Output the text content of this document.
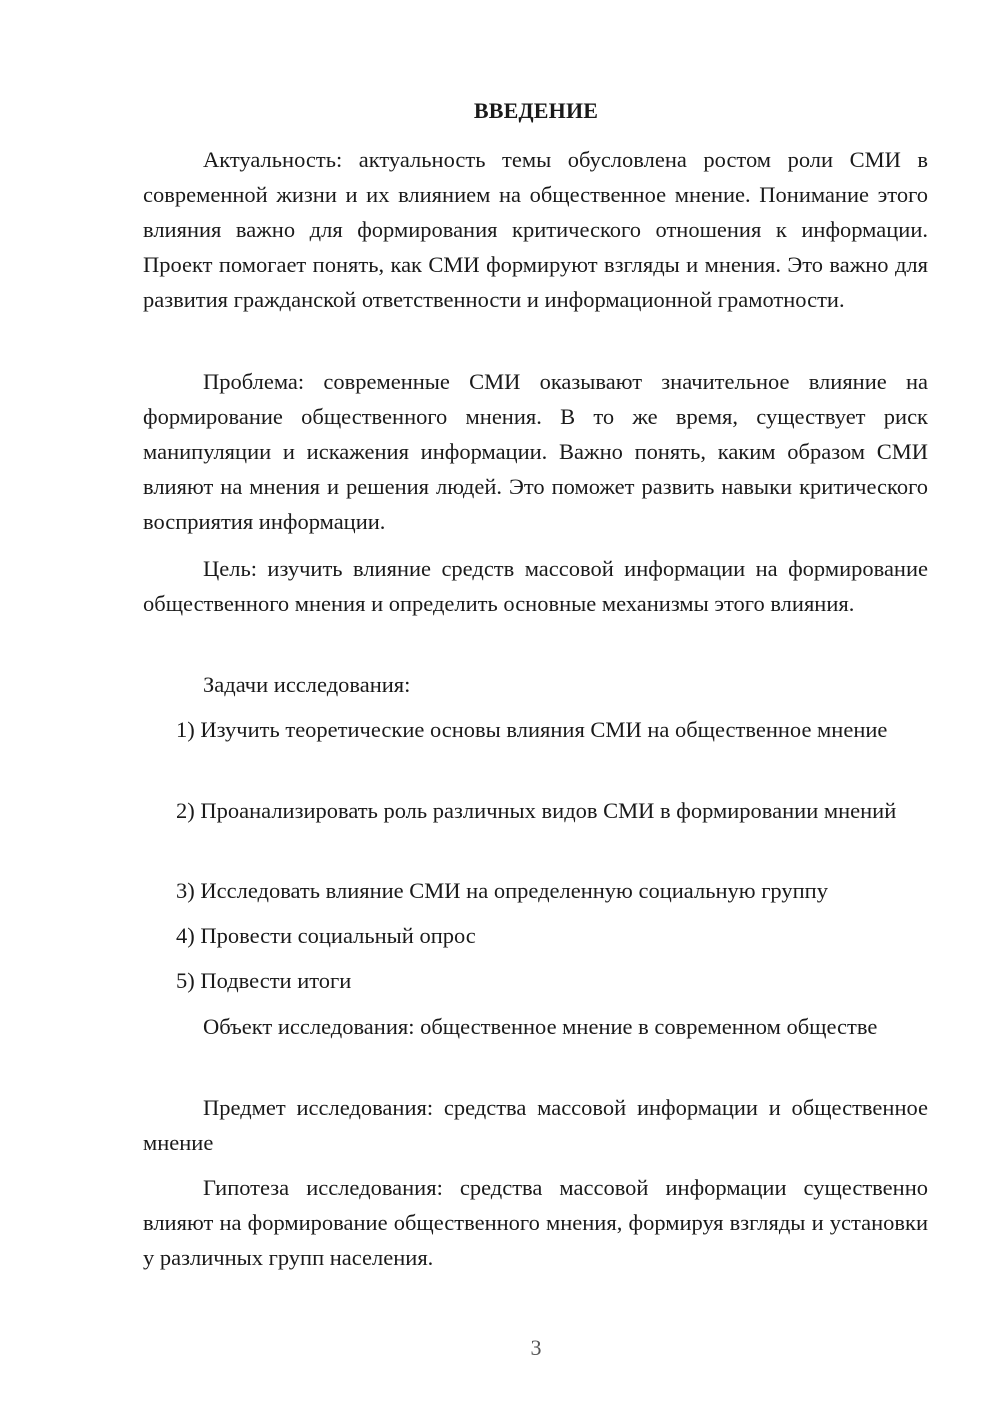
ВВЕДЕНИЕ

Актуальность: актуальность темы обусловлена ростом роли СМИ в современной жизни и их влиянием на общественное мнение. Понимание этого влияния важно для формирования критического отношения к информации. Проект помогает понять, как СМИ формируют взгляды и мнения. Это важно для развития гражданской ответственности и информационной грамотности.

Проблема: современные СМИ оказывают значительное влияние на формирование общественного мнения. В то же время, существует риск манипуляции и искажения информации. Важно понять, каким образом СМИ влияют на мнения и решения людей. Это поможет развить навыки критического восприятия информации.

Цель: изучить влияние средств массовой информации на формирование общественного мнения и определить основные механизмы этого влияния.

Задачи исследования:

1) Изучить теоретические основы влияния СМИ на общественное мнение

2) Проанализировать роль различных видов СМИ в формировании мнений

3) Исследовать влияние СМИ на определенную социальную группу

4) Провести социальный опрос

5) Подвести итоги

Объект исследования: общественное мнение в современном обществе

Предмет исследования: средства массовой информации и общественное мнение

Гипотеза исследования: средства массовой информации существенно влияют на формирование общественного мнения, формируя взгляды и установки у различных групп населения.

3
